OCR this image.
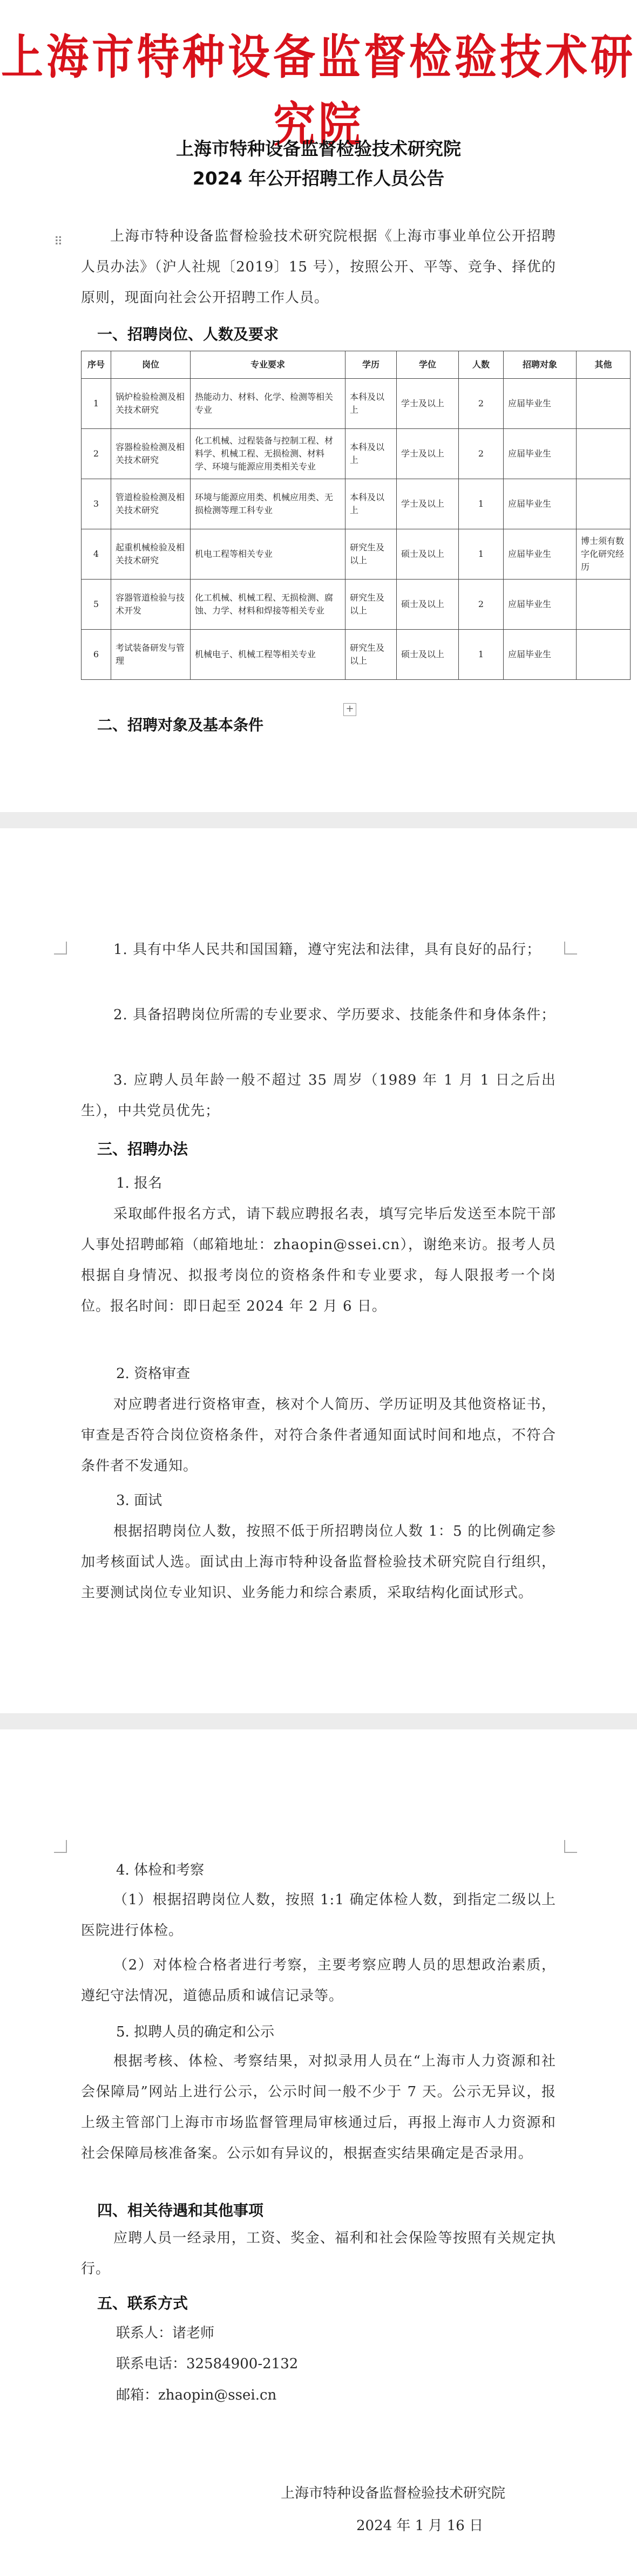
上海市特种设备监督检验技术研究院
上海市特种设备监督检验技术研究院
2024 年公开招聘工作人员公告
⠿	上海市特种设备监督检验技术研究院根据《上海市事业单位公开招聘人员办法》（沪人社规〔2019〕15 号），按照公开、平等、竞争、择优的原则，现面向社会公开招聘工作人员。
一、招聘岗位、人数及要求
序号	岗位	专业要求	学历	学位	人数	招聘对象	其他
1	锅炉检验检测及相关技术研究	热能动力、材料、化学、检测等相关专业	本科及以上	学士及以上	2	应届毕业生	
2	容器检验检测及相关技术研究	化工机械、过程装备与控制工程、材料学、机械工程、无损检测、材料学、环境与能源应用类相关专业	本科及以上	学士及以上	2	应届毕业生	
3	管道检验检测及相关技术研究	环境与能源应用类、机械应用类、无损检测等理工科专业	本科及以上	学士及以上	1	应届毕业生	
4	起重机械检验及相关技术研究	机电工程等相关专业	研究生及以上	硕士及以上	1	应届毕业生	博士须有数字化研究经历
5	容器管道检验与技术开发	化工机械、机械工程、无损检测、腐蚀、力学、材料和焊接等相关专业	研究生及以上	硕士及以上	2	应届毕业生	
6	考试装备研发与管理	机械电子、机械工程等相关专业	研究生及以上	硕士及以上	1	应届毕业生	
+
二、招聘对象及基本条件
1. 具有中华人民共和国国籍，遵守宪法和法律，具有良好的品行；
2. 具备招聘岗位所需的专业要求、学历要求、技能条件和身体条件；
3. 应聘人员年龄一般不超过 35 周岁（1989 年 1 月 1 日之后出生），中共党员优先；
三、招聘办法
1. 报名
采取邮件报名方式，请下载应聘报名表，填写完毕后发送至本院干部人事处招聘邮箱（邮箱地址：zhaopin@ssei.cn），谢绝来访。报考人员根据自身情况、拟报考岗位的资格条件和专业要求，每人限报考一个岗位。报名时间：即日起至 2024 年 2 月 6 日。
2. 资格审查
对应聘者进行资格审查，核对个人简历、学历证明及其他资格证书，审查是否符合岗位资格条件，对符合条件者通知面试时间和地点，不符合条件者不发通知。
3. 面试
根据招聘岗位人数，按照不低于所招聘岗位人数 1：5 的比例确定参加考核面试人选。面试由上海市特种设备监督检验技术研究院自行组织，主要测试岗位专业知识、业务能力和综合素质，采取结构化面试形式。
4. 体检和考察
（1）根据招聘岗位人数，按照 1:1 确定体检人数，到指定二级以上医院进行体检。
（2）对体检合格者进行考察，主要考察应聘人员的思想政治素质，遵纪守法情况，道德品质和诚信记录等。
5. 拟聘人员的确定和公示
根据考核、体检、考察结果，对拟录用人员在“上海市人力资源和社会保障局”网站上进行公示，公示时间一般不少于 7 天。公示无异议，报上级主管部门上海市市场监督管理局审核通过后，再报上海市人力资源和社会保障局核准备案。公示如有异议的，根据查实结果确定是否录用。
四、相关待遇和其他事项
应聘人员一经录用，工资、奖金、福利和社会保险等按照有关规定执行。
五、联系方式
联系人：诸老师
联系电话：32584900-2132
邮箱：zhaopin@ssei.cn
上海市特种设备监督检验技术研究院
2024 年 1 月 16 日
